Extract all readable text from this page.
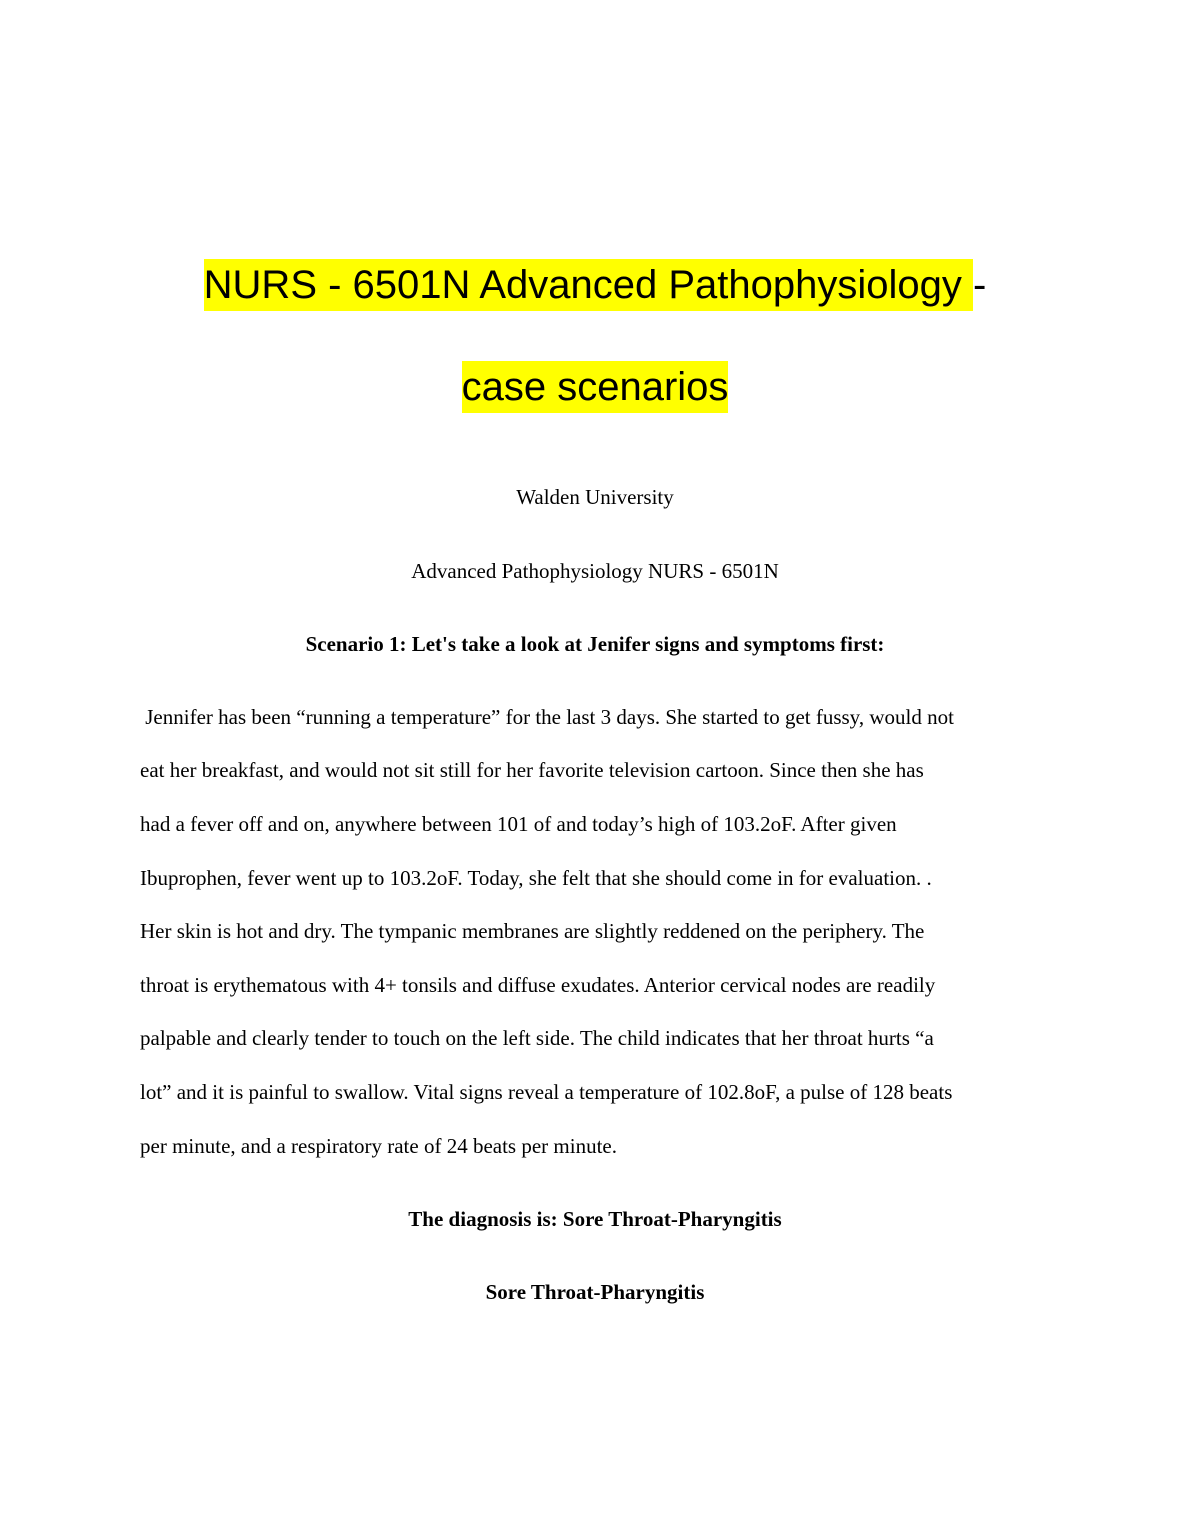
NURS - 6501N Advanced Pathophysiology -
case scenarios
Walden University
Advanced Pathophysiology NURS - 6501N
Scenario 1: Let's take a look at Jenifer signs and symptoms first:
Jennifer has been “running a temperature” for the last 3 days. She started to get fussy, would not
eat her breakfast, and would not sit still for her favorite television cartoon. Since then she has
had a fever off and on, anywhere between 101 of and today’s high of 103.2oF. After given
Ibuprophen, fever went up to 103.2oF. Today, she felt that she should come in for evaluation. .
Her skin is hot and dry. The tympanic membranes are slightly reddened on the periphery. The
throat is erythematous with 4+ tonsils and diffuse exudates. Anterior cervical nodes are readily
palpable and clearly tender to touch on the left side. The child indicates that her throat hurts “a
lot” and it is painful to swallow. Vital signs reveal a temperature of 102.8oF, a pulse of 128 beats
per minute, and a respiratory rate of 24 beats per minute.
The diagnosis is: Sore Throat-Pharyngitis
Sore Throat-Pharyngitis
